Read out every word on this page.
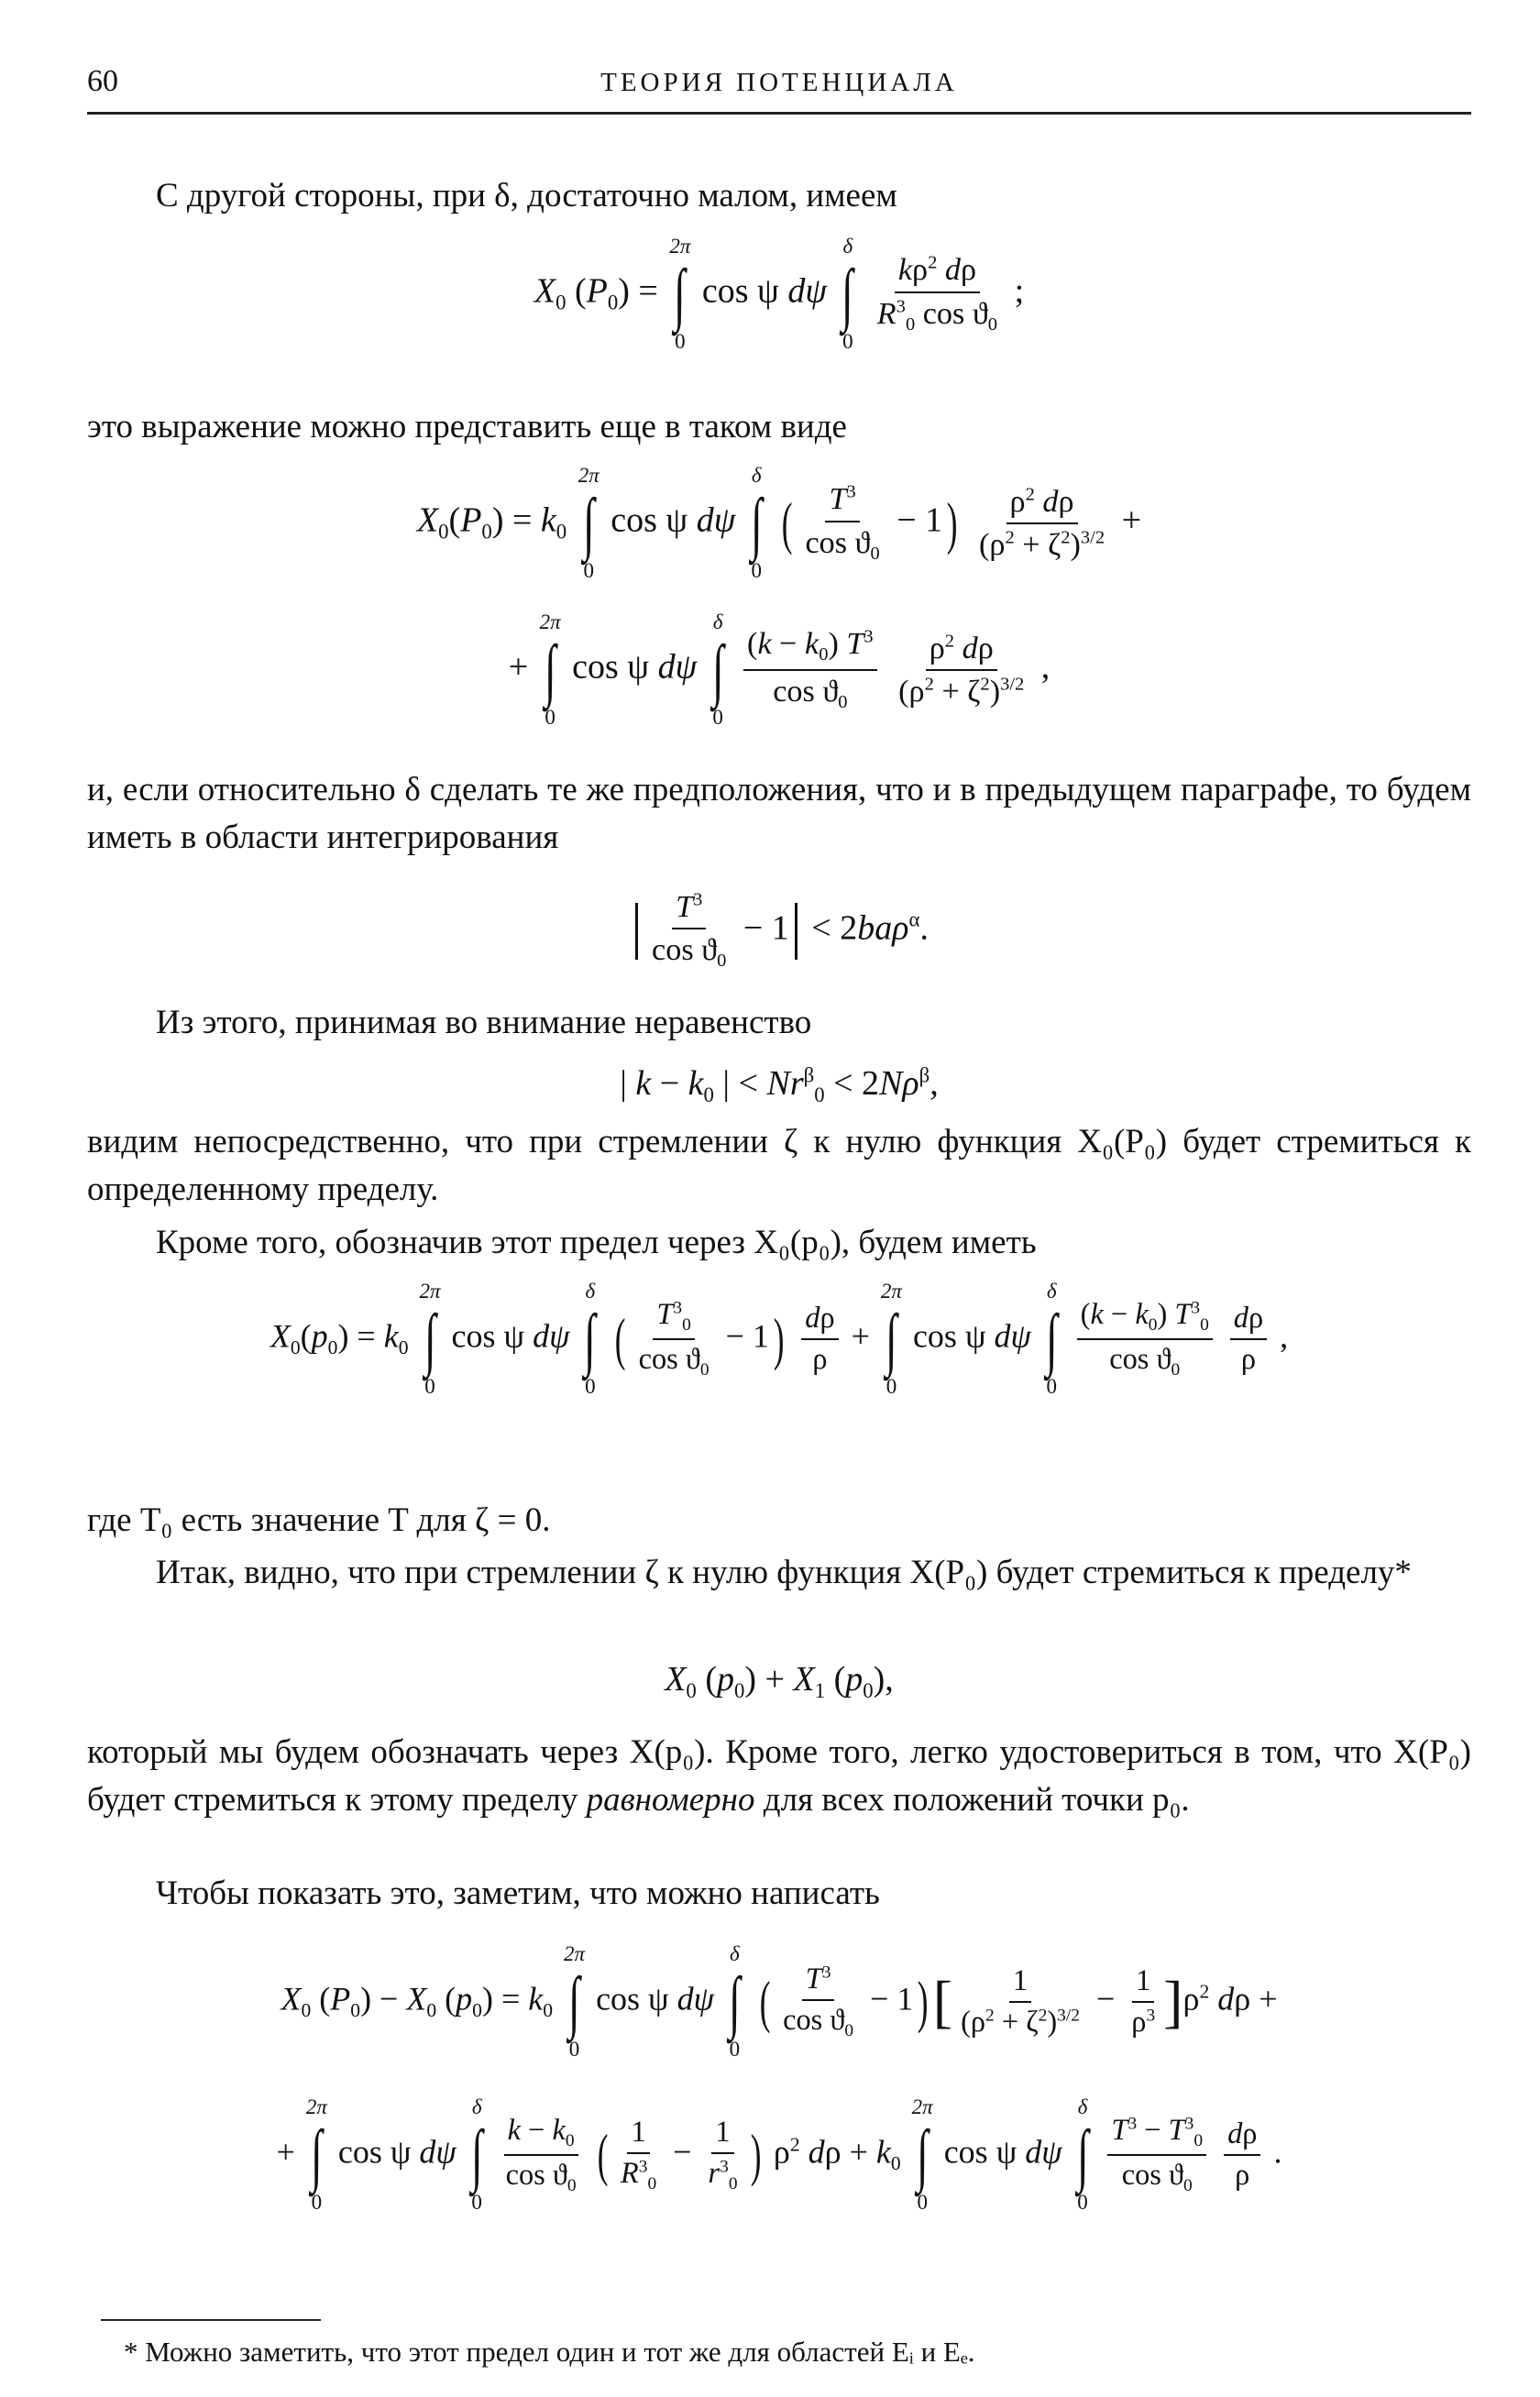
60	ТЕОРИЯ ПОТЕНЦИАЛА

С другой стороны, при δ, достаточно малом, имеем

$X_0$ $(P_0)$ =
2π
∫
0
cos ψ dψ
δ
∫
0

$\frac{k\rho^2 d\rho}{R^3_0 \cos ϑ_0}$ ;

это выражение можно представить еще в таком виде

$X_0(P_0) = k_0$
2π
∫
0
cos ψ dψ
δ
∫
0
( $\frac{T^3}{\cos ϑ_0} - 1) \frac{\rho^2 d\rho}{(\rho^2 + \zeta^2)^{3/2}}$ +
+
2π
∫
0
cos ψ dψ
δ
∫
0

$\frac{(k - k_0) T^3}{\cos ϑ_0}$
$\frac{\rho^2 d\rho}{(\rho^2 + \zeta^2)^{3/2}}$ ,

и, если относительно δ сделать те же предположения, что и в предыдущем параграфе, то будем иметь в области интегрирования

$\frac{T^3}{\cos ϑ_0} - 1 < 2ba\rho^\alpha$.

Из этого, принимая во внимание неравенство

| $k - k_0$ | < $Nr^\beta_0 < 2N\rho^\beta$,

видим непосредственно, что при стремлении ζ к нулю функция X₀(P₀) будет стремиться к определенному пределу.

Кроме того, обозначив этот предел через X₀(p₀), будем иметь

$X_0(p_0) = k_0$
2π
∫
0
cos ψ dψ
δ
∫
0
( $\frac{T^3_0}{\cos ϑ_0} - 1) \frac{d\rho}{\rho}$ +
2π
∫
0
cos ψ dψ
δ
∫
0

$\frac{(k - k_0) T^3_0}{\cos ϑ_0}$
$\frac{d\rho}{\rho}$ ,

где T₀ есть значение T для ζ = 0.

Итак, видно, что при стремлении ζ к нулю функция X(P₀) будет стремиться к пределу*

$X_0$ $(p_0) + X_1$ $(p_0)$,

который мы будем обозначать через X(p₀). Кроме того, легко удостовериться в том, что X(P₀) будет стремиться к этому пределу равномерно для всех положений точки p₀.

Чтобы показать это, заметим, что можно написать

$X_0$ $(P_0) - X_0$ $(p_0) = k_0$
2π
∫
0
cos ψ dψ
δ
∫
0
( $\frac{T^3}{\cos ϑ_0} - 1)[ \frac{1}{(\rho^2 + \zeta^2)^{3/2}} - \frac{1}{\rho^3} ]\rho^2$ dρ +
+
2π
∫
0
cos ψ dψ
δ
∫
0

$\frac{k - k_0}{\cos ϑ_0}$ ( $\frac{1}{R^3_0} - \frac{1}{r^3_0}$ ) $\rho^2$ $d\rho + k_0$
2π
∫
0
cos ψ dψ
δ
∫
0

$\frac{T^3 - T^3_0}{\cos ϑ_0}$
$\frac{d\rho}{\rho}$ .
* Можно заметить, что этот предел один и тот же для областей Eᵢ и Eₑ.
